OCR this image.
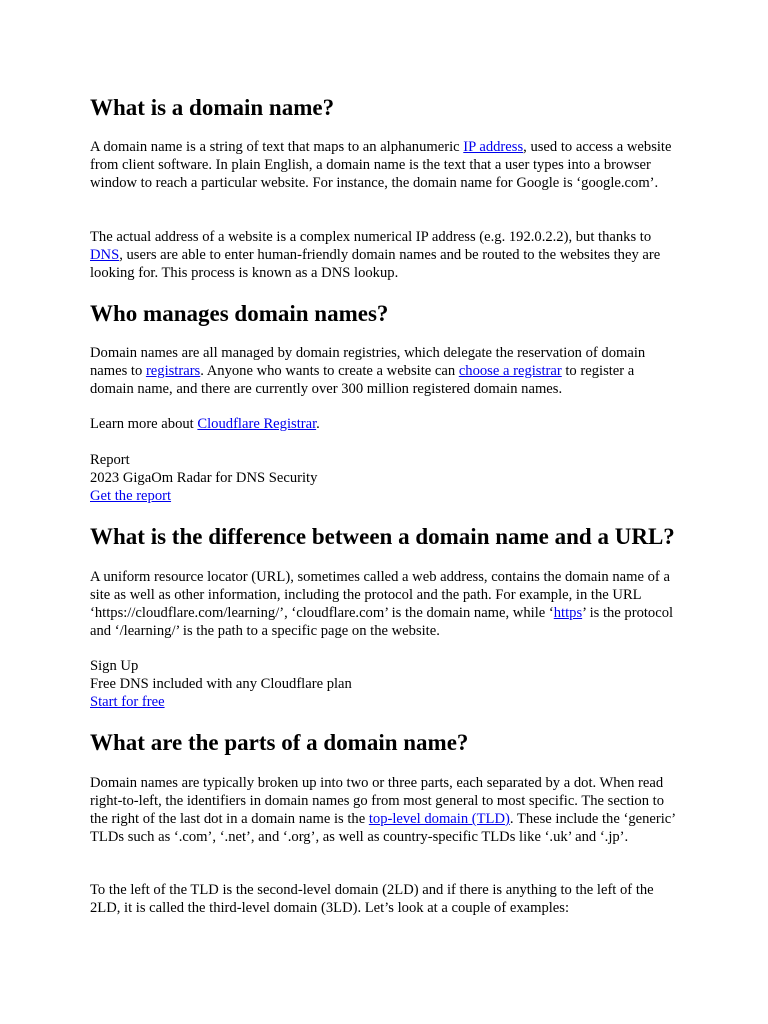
What is a domain name?

A domain name is a string of text that maps to an alphanumeric IP address, used to access a website from client software. In plain English, a domain name is the text that a user types into a browser window to reach a particular website. For instance, the domain name for Google is ‘google.com’.

The actual address of a website is a complex numerical IP address (e.g. 192.0.2.2), but thanks to DNS, users are able to enter human-friendly domain names and be routed to the websites they are looking for. This process is known as a DNS lookup.

Who manages domain names?

Domain names are all managed by domain registries, which delegate the reservation of domain names to registrars. Anyone who wants to create a website can choose a registrar to register a domain name, and there are currently over 300 million registered domain names.

Learn more about Cloudflare Registrar.

Report
2023 GigaOm Radar for DNS Security
Get the report

What is the difference between a domain name and a URL?

A uniform resource locator (URL), sometimes called a web address, contains the domain name of a site as well as other information, including the protocol and the path. For example, in the URL ‘https://cloudflare.com/learning/’, ‘cloudflare.com’ is the domain name, while ‘https’ is the protocol and ‘/learning/’ is the path to a specific page on the website.

Sign Up
Free DNS included with any Cloudflare plan
Start for free

What are the parts of a domain name?

Domain names are typically broken up into two or three parts, each separated by a dot. When read right-to-left, the identifiers in domain names go from most general to most specific. The section to the right of the last dot in a domain name is the top-level domain (TLD). These include the ‘generic’ TLDs such as ‘.com’, ‘.net’, and ‘.org’, as well as country-specific TLDs like ‘.uk’ and ‘.jp’.

To the left of the TLD is the second-level domain (2LD) and if there is anything to the left of the 2LD, it is called the third-level domain (3LD). Let’s look at a couple of examples:
